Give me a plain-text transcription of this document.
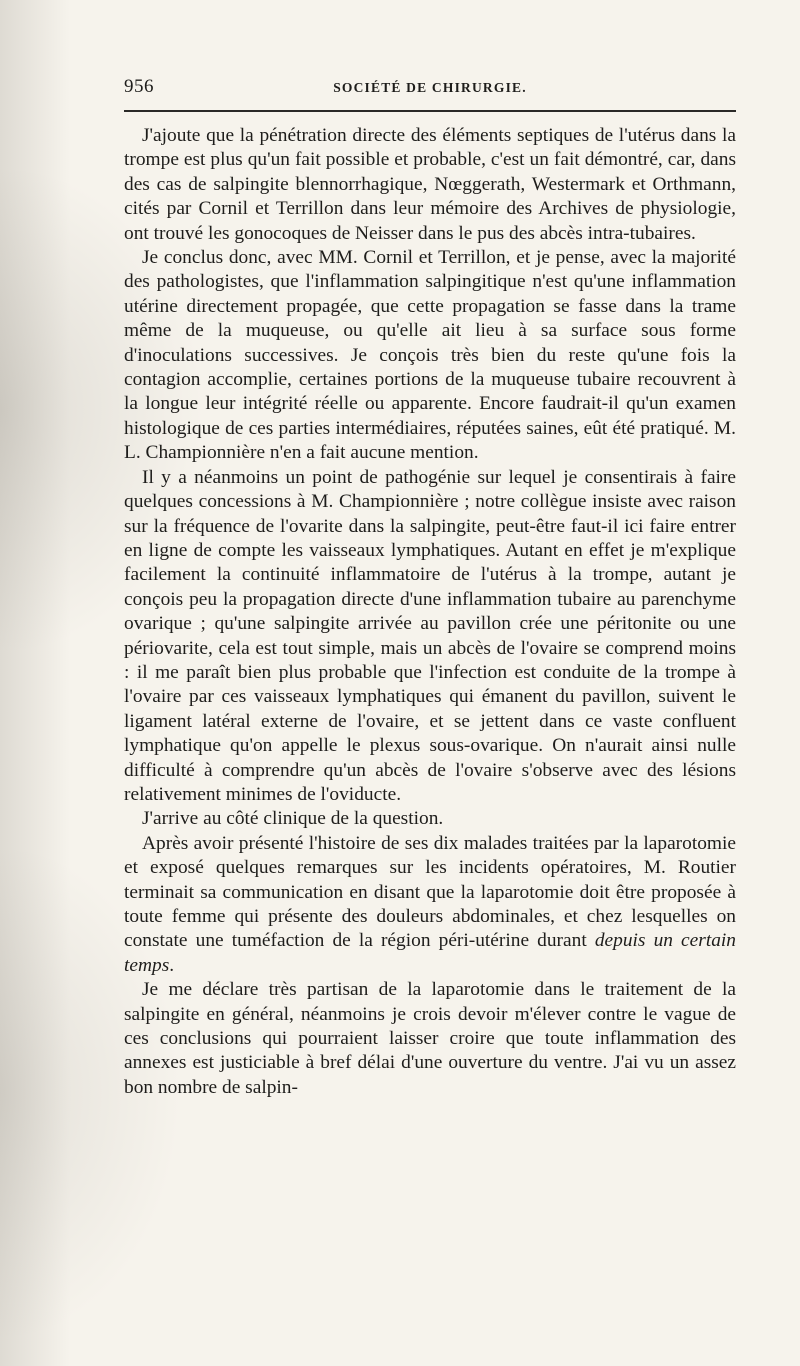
956	SOCIÉTÉ DE CHIRURGIE.

J'ajoute que la pénétration directe des éléments septiques de l'utérus dans la trompe est plus qu'un fait possible et probable, c'est un fait démontré, car, dans des cas de salpingite blennorrhagique, Nœggerath, Westermark et Orthmann, cités par Cornil et Terrillon dans leur mémoire des Archives de physiologie, ont trouvé les gonocoques de Neisser dans le pus des abcès intra-tubaires.

Je conclus donc, avec MM. Cornil et Terrillon, et je pense, avec la majorité des pathologistes, que l'inflammation salpingitique n'est qu'une inflammation utérine directement propagée, que cette propagation se fasse dans la trame même de la muqueuse, ou qu'elle ait lieu à sa surface sous forme d'inoculations successives. Je conçois très bien du reste qu'une fois la contagion accomplie, certaines portions de la muqueuse tubaire recouvrent à la longue leur intégrité réelle ou apparente. Encore faudrait-il qu'un examen histologique de ces parties intermédiaires, réputées saines, eût été pratiqué. M. L. Championnière n'en a fait aucune mention.

Il y a néanmoins un point de pathogénie sur lequel je consentirais à faire quelques concessions à M. Championnière ; notre collègue insiste avec raison sur la fréquence de l'ovarite dans la salpingite, peut-être faut-il ici faire entrer en ligne de compte les vaisseaux lymphatiques. Autant en effet je m'explique facilement la continuité inflammatoire de l'utérus à la trompe, autant je conçois peu la propagation directe d'une inflammation tubaire au parenchyme ovarique ; qu'une salpingite arrivée au pavillon crée une péritonite ou une périovarite, cela est tout simple, mais un abcès de l'ovaire se comprend moins : il me paraît bien plus probable que l'infection est conduite de la trompe à l'ovaire par ces vaisseaux lymphatiques qui émanent du pavillon, suivent le ligament latéral externe de l'ovaire, et se jettent dans ce vaste confluent lymphatique qu'on appelle le plexus sous-ovarique. On n'aurait ainsi nulle difficulté à comprendre qu'un abcès de l'ovaire s'observe avec des lésions relativement minimes de l'oviducte.

J'arrive au côté clinique de la question.

Après avoir présenté l'histoire de ses dix malades traitées par la laparotomie et exposé quelques remarques sur les incidents opératoires, M. Routier terminait sa communication en disant que la laparotomie doit être proposée à toute femme qui présente des douleurs abdominales, et chez lesquelles on constate une tuméfaction de la région péri-utérine durant depuis un certain temps.

Je me déclare très partisan de la laparotomie dans le traitement de la salpingite en général, néanmoins je crois devoir m'élever contre le vague de ces conclusions qui pourraient laisser croire que toute inflammation des annexes est justiciable à bref délai d'une ouverture du ventre. J'ai vu un assez bon nombre de salpin-
